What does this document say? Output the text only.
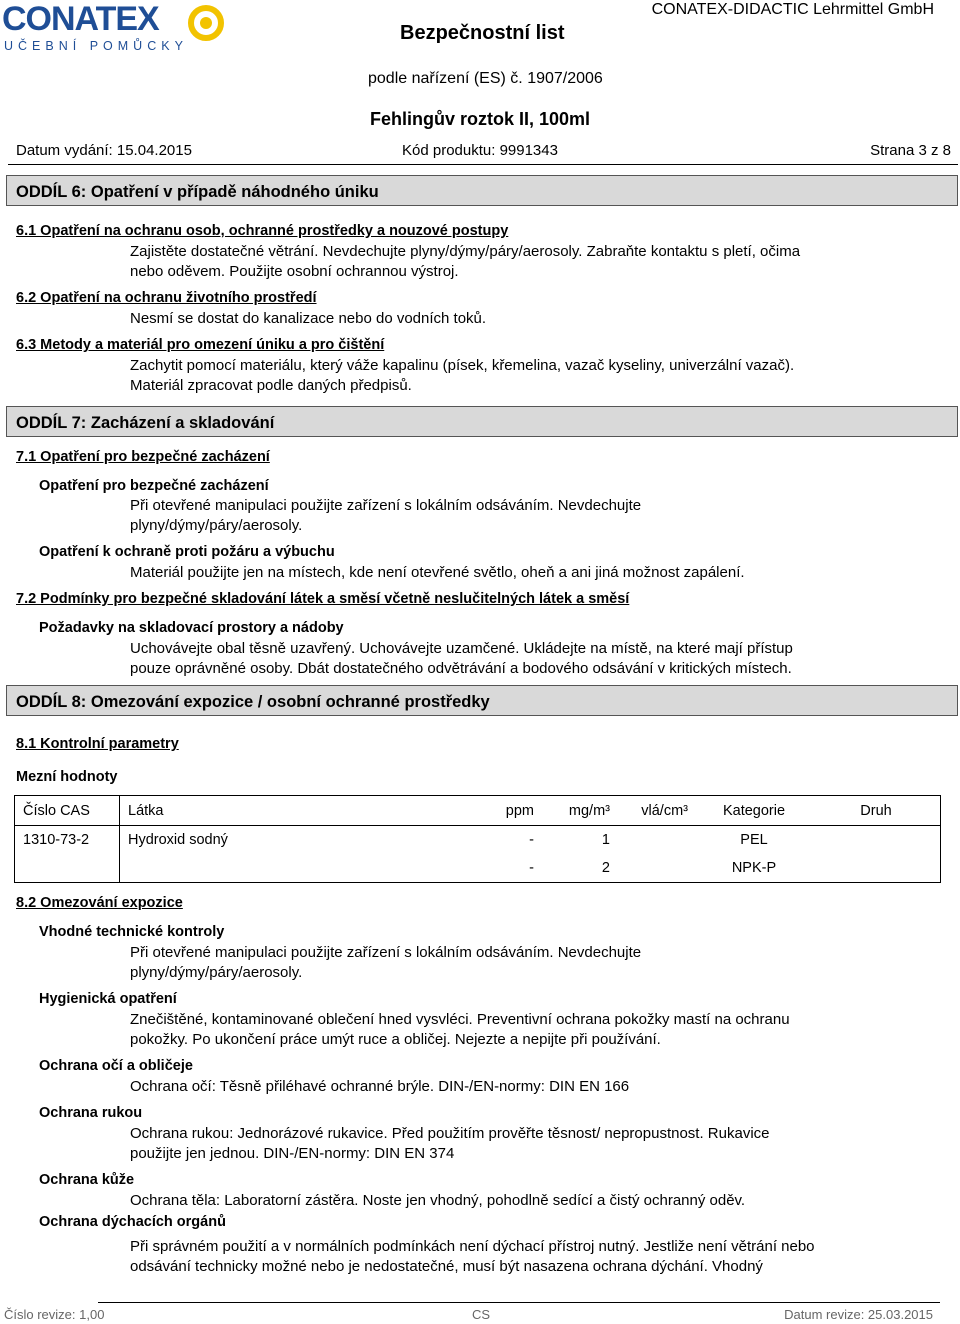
CONATEX
UČEBNÍ POMŮCKY
Bezpečnostní list
CONATEX-DIDACTIC Lehrmittel GmbH
podle nařízení (ES) č. 1907/2006
Fehlingův roztok II, 100ml
Datum vydání: 15.04.2015	Kód produktu: 9991343	Strana 3 z 8
ODDÍL 6: Opatření v případě náhodného úniku
6.1 Opatření na ochranu osob, ochranné prostředky a nouzové postupy
Zajistěte dostatečné větrání. Nevdechujte plyny/dýmy/páry/aerosoly. Zabraňte kontaktu s pletí, očima
nebo oděvem. Použijte osobní ochrannou výstroj.
6.2 Opatření na ochranu životního prostředí
Nesmí se dostat do kanalizace nebo do vodních toků.
6.3 Metody a materiál pro omezení úniku a pro čištění
Zachytit pomocí materiálu, který váže kapalinu (písek, křemelina, vazač kyseliny, univerzální vazač).
Materiál zpracovat podle daných předpisů.
ODDÍL 7: Zacházení a skladování
7.1 Opatření pro bezpečné zacházení
Opatření pro bezpečné zacházení
Při otevřené manipulaci použijte zařízení s lokálním odsáváním. Nevdechujte
plyny/dýmy/páry/aerosoly.
Opatření k ochraně proti požáru a výbuchu
Materiál použijte jen na místech, kde není otevřené světlo, oheň a ani jiná možnost zapálení.
7.2 Podmínky pro bezpečné skladování látek a směsí včetně neslučitelných látek a směsí
Požadavky na skladovací prostory a nádoby
Uchovávejte obal těsně uzavřený. Uchovávejte uzamčené. Ukládejte na místě, na které mají přístup
pouze oprávněné osoby. Dbát dostatečného odvětrávání a bodového odsávání v kritických místech.
ODDÍL 8: Omezování expozice / osobní ochranné prostředky
8.1 Kontrolní parametry
Mezní hodnoty
Číslo CAS	Látka	ppm	mg/m³	vlá/cm³	Kategorie	Druh
1310-73-2	Hydroxid sodný	-	1		PEL	
		-	2		NPK-P	
8.2 Omezování expozice
Vhodné technické kontroly
Při otevřené manipulaci použijte zařízení s lokálním odsáváním. Nevdechujte
plyny/dýmy/páry/aerosoly.
Hygienická opatření
Znečištěné, kontaminované oblečení hned vysvléci. Preventivní ochrana pokožky mastí na ochranu
pokožky. Po ukončení práce umýt ruce a obličej. Nejezte a nepijte při používání.
Ochrana očí a obličeje
Ochrana očí: Těsně přiléhavé ochranné brýle. DIN-/EN-normy: DIN EN 166
Ochrana rukou
Ochrana rukou: Jednorázové rukavice. Před použitím prověřte těsnost/ nepropustnost. Rukavice
použijte jen jednou. DIN-/EN-normy: DIN EN 374
Ochrana kůže
Ochrana těla: Laboratorní zástěra. Noste jen vhodný, pohodlně sedící a čistý ochranný oděv.
Ochrana dýchacích orgánů
Při správném použití a v normálních podmínkách není dýchací přístroj nutný. Jestliže není větrání nebo
odsávání technicky možné nebo je nedostatečné, musí být nasazena ochrana dýchání. Vhodný
Číslo revize: 1,00	CS	Datum revize: 25.03.2015
